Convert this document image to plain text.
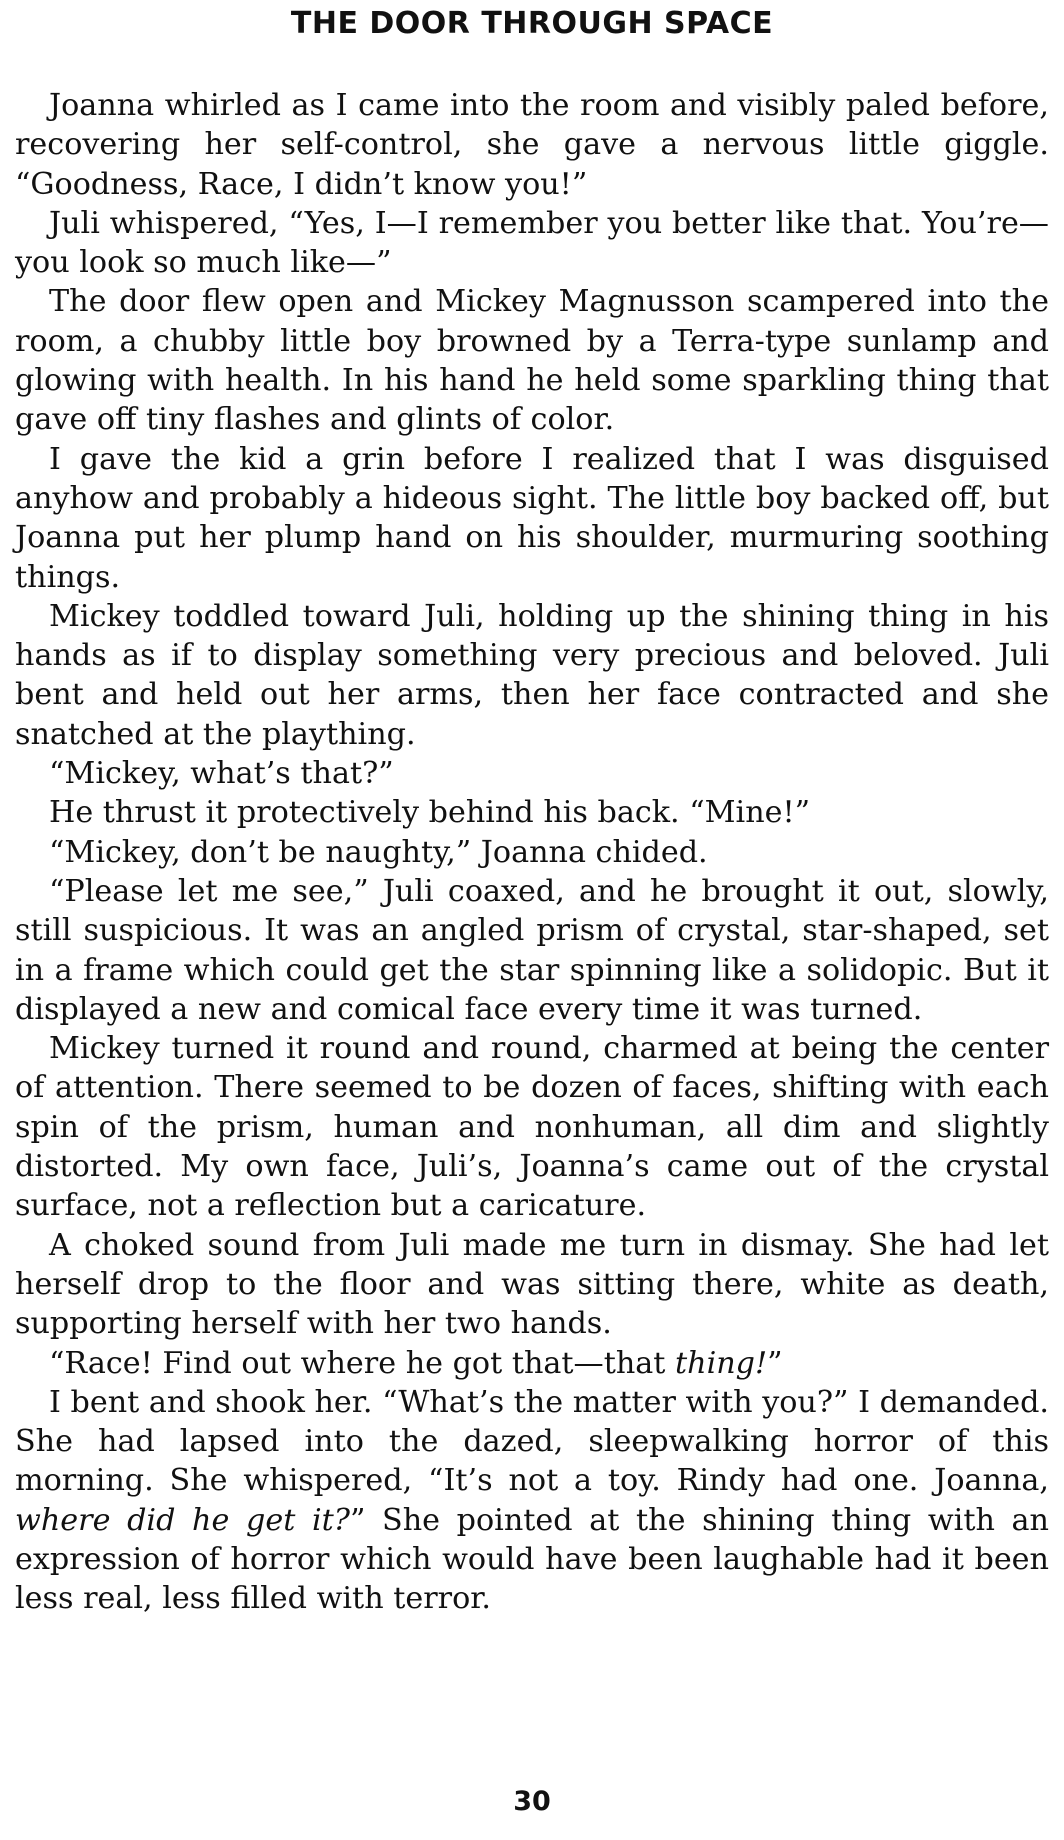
THE DOOR THROUGH SPACE

Joanna whirled as I came into the room and visibly paled before, recovering her self-control, she gave a nervous little giggle. “Goodness, Race, I didn’t know you!”

Juli whispered, “Yes, I—I remember you better like that. You’re—you look so much like—”

The door flew open and Mickey Magnusson scampered into the room, a chubby little boy browned by a Terra-type sunlamp and glowing with health. In his hand he held some sparkling thing that gave off tiny flashes and glints of color.

I gave the kid a grin before I realized that I was disguised anyhow and probably a hideous sight. The little boy backed off, but Joanna put her plump hand on his shoulder, murmuring soothing things.

Mickey toddled toward Juli, holding up the shining thing in his hands as if to display something very precious and beloved. Juli bent and held out her arms, then her face contracted and she snatched at the plaything.

“Mickey, what’s that?”

He thrust it protectively behind his back. “Mine!”

“Mickey, don’t be naughty,” Joanna chided.

“Please let me see,” Juli coaxed, and he brought it out, slowly, still suspicious. It was an angled prism of crystal, star-shaped, set in a frame which could get the star spinning like a solidopic. But it displayed a new and comical face every time it was turned.

Mickey turned it round and round, charmed at being the center of attention. There seemed to be dozen of faces, shifting with each spin of the prism, human and nonhuman, all dim and slightly distorted. My own face, Juli’s, Joanna’s came out of the crystal surface, not a reflection but a caricature.

A choked sound from Juli made me turn in dismay. She had let herself drop to the floor and was sitting there, white as death, supporting herself with her two hands.

“Race! Find out where he got that—that thing!”

I bent and shook her. “What’s the matter with you?” I demanded. She had lapsed into the dazed, sleepwalking horror of this morning. She whispered, “It’s not a toy. Rindy had one. Joanna, where did he get it?” She pointed at the shining thing with an expression of horror which would have been laughable had it been less real, less filled with terror.

30
